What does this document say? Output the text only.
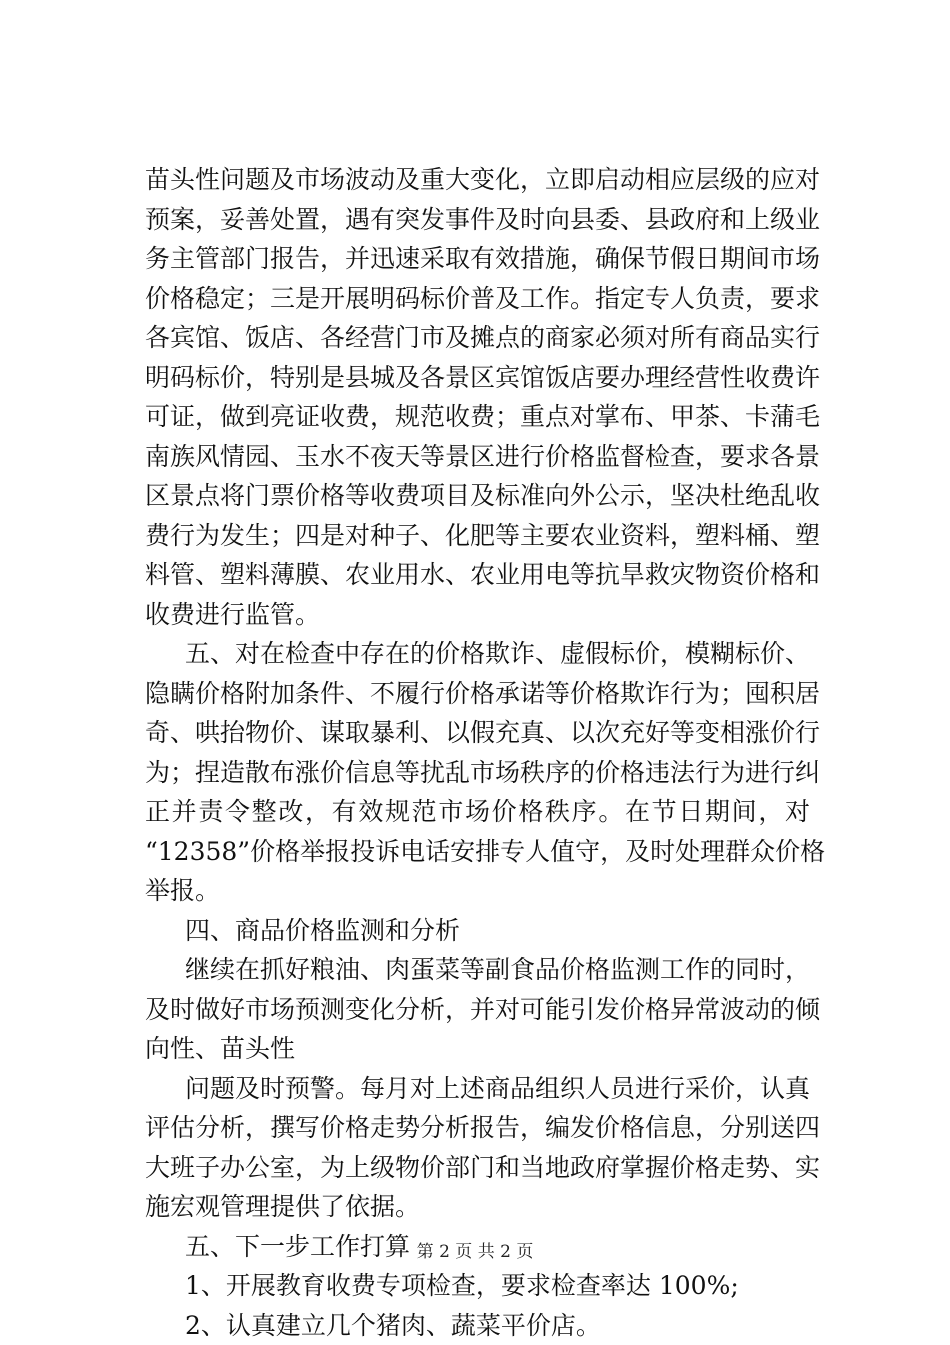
苗头性问题及市场波动及重大变化，立即启动相应层级的应对
预案，妥善处置，遇有突发事件及时向县委、县政府和上级业
务主管部门报告，并迅速采取有效措施，确保节假日期间市场
价格稳定；三是开展明码标价普及工作。指定专人负责，要求
各宾馆、饭店、各经营门市及摊点的商家必须对所有商品实行
明码标价，特别是县城及各景区宾馆饭店要办理经营性收费许
可证，做到亮证收费，规范收费；重点对掌布、甲茶、卡蒲毛
南族风情园、玉水不夜天等景区进行价格监督检查，要求各景
区景点将门票价格等收费项目及标准向外公示，坚决杜绝乱收
费行为发生；四是对种子、化肥等主要农业资料，塑料桶、塑
料管、塑料薄膜、农业用水、农业用电等抗旱救灾物资价格和
收费进行监管。
五、对在检查中存在的价格欺诈、虚假标价，模糊标价、
隐瞒价格附加条件、不履行价格承诺等价格欺诈行为；囤积居
奇、哄抬物价、谋取暴利、以假充真、以次充好等变相涨价行
为；捏造散布涨价信息等扰乱市场秩序的价格违法行为进行纠
正并责令整改，有效规范市场价格秩序。在节日期间，对
“12358”价格举报投诉电话安排专人值守，及时处理群众价格
举报。
四、商品价格监测和分析
继续在抓好粮油、肉蛋菜等副食品价格监测工作的同时，
及时做好市场预测变化分析，并对可能引发价格异常波动的倾
向性、苗头性
问题及时预警。每月对上述商品组织人员进行采价，认真
评估分析，撰写价格走势分析报告，编发价格信息，分别送四
大班子办公室，为上级物价部门和当地政府掌握价格走势、实
施宏观管理提供了依据。
五、下一步工作打算
1、开展教育收费专项检查，要求检查率达 100%;
2、认真建立几个猪肉、蔬菜平价店。
第 2 页 共 2 页
